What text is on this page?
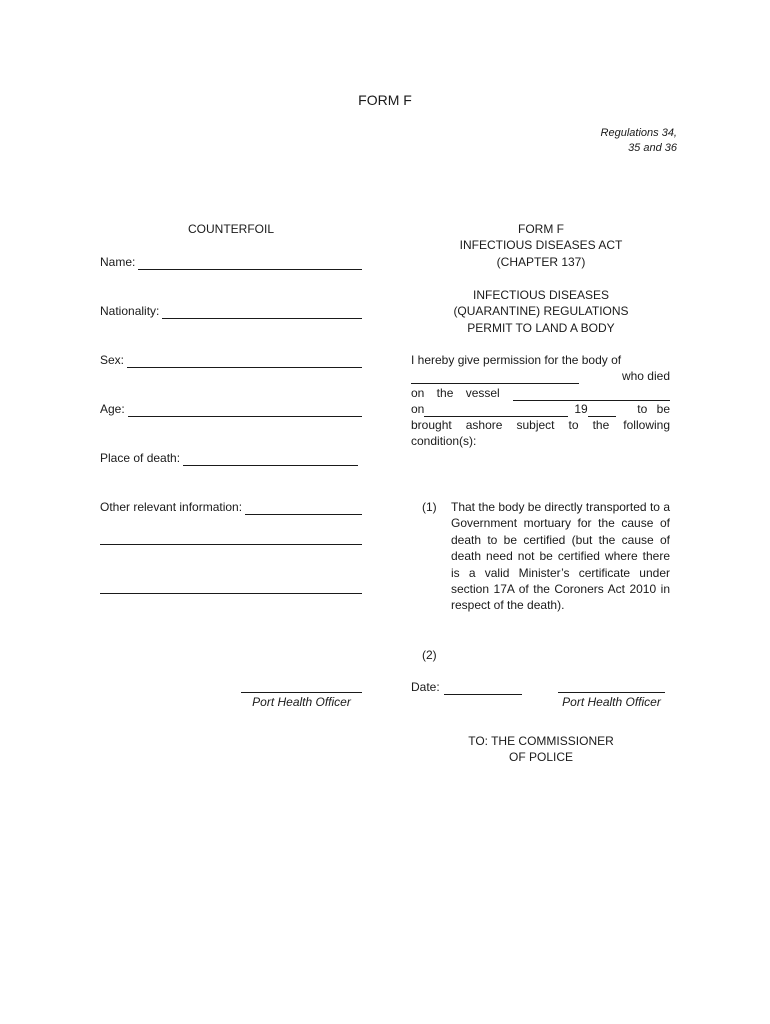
FORM F
Regulations 34,
35 and 36
COUNTERFOIL
Name:
Nationality:
Sex:
Age:
Place of death:
Other relevant information:
Port Health Officer
FORM F
INFECTIOUS DISEASES ACT
(CHAPTER 137)
INFECTIOUS DISEASES
(QUARANTINE) REGULATIONS
PERMIT TO LAND A BODY
I hereby give permission for the body of
who died
on the vessel
on	19	to be
brought ashore subject to the following condition(s):
(1) That the body be directly transported to a Government mortuary for the cause of death to be certified (but the cause of death need not be certified where there is a valid Minister’s certificate under section 17A of the Coroners Act 2010 in respect of the death).
(2)
Date:
Port Health Officer
TO: THE COMMISSIONER
OF POLICE
